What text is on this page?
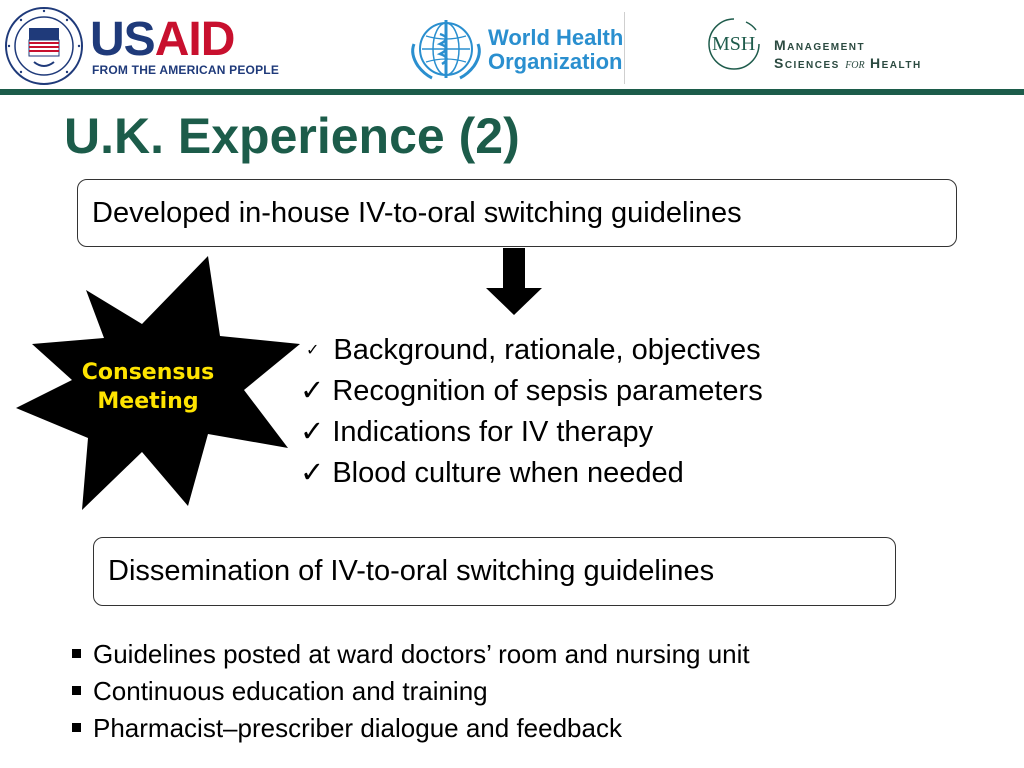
USAID
FROM THE AMERICAN PEOPLE
World Health
Organization
MSH Management
Sciences for Health
U.K. Experience (2)
Developed in-house IV-to-oral switching guidelines
Consensus
Meeting
✓ Background, rationale, objectives
✓ Recognition of sepsis parameters
✓ Indications for IV therapy
✓ Blood culture when needed
Dissemination of IV-to-oral switching guidelines
Guidelines posted at ward doctors’ room and nursing unit
Continuous education and training
Pharmacist–prescriber dialogue and feedback
